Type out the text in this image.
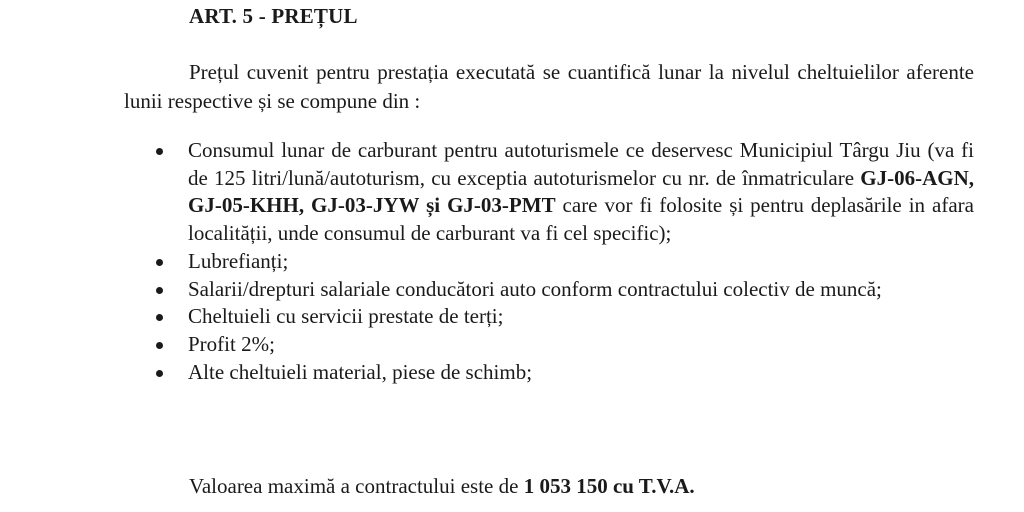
ART. 5 - PREȚUL

Prețul cuvenit pentru prestația executată se cuantifică lunar la nivelul cheltuielilor aferente lunii respective și se compune din :

Consumul lunar de carburant pentru autoturismele ce deservesc Municipiul Târgu Jiu (va fi de 125 litri/lună/autoturism, cu exceptia autoturismelor cu nr. de înmatriculare GJ-06-AGN, GJ-05-KHH, GJ-03-JYW și GJ-03-PMT care vor fi folosite și pentru deplasările in afara localității, unde consumul de carburant va fi cel specific);
Lubrefianți;
Salarii/drepturi salariale conducători auto conform contractului colectiv de muncă;
Cheltuieli cu servicii prestate de terți;
Profit 2%;
Alte cheltuieli material, piese de schimb;
Valoarea maximă a contractului este de 1 053 150 cu T.V.A.
